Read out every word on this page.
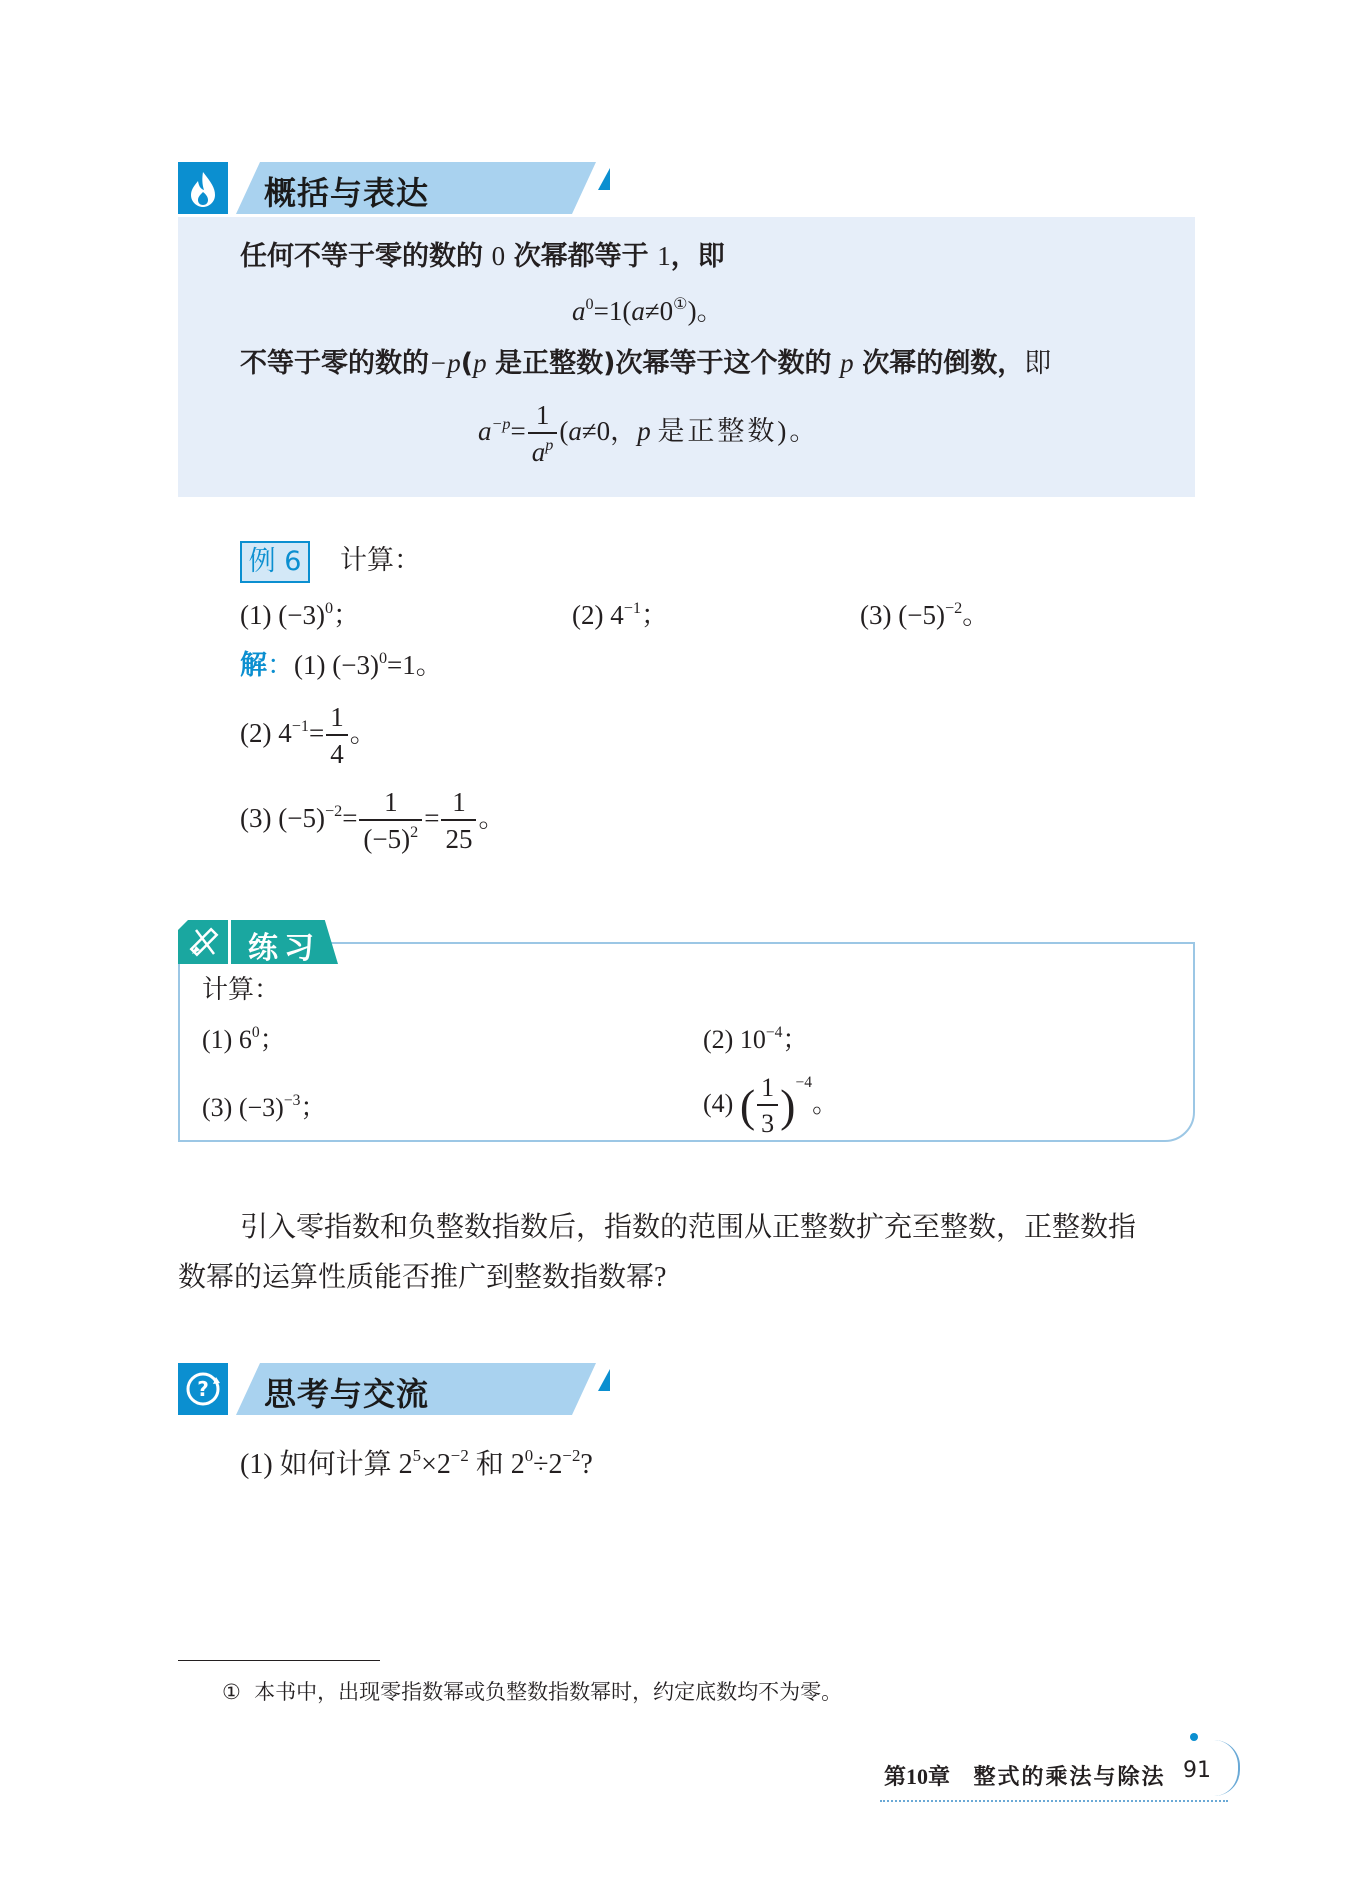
概括与表达
任何不等于零的数的 0 次幂都等于 1，即
$a^0=1(a\ne 0^①)$。
不等于零的数的−p(p 是正整数)次幂等于这个数的 p 次幂的倒数，即
$a^{-p}= \frac{1}{a^p} (a\ne 0$，p 是正整数)。
例 6	计算：
(1) $(-3)^0$；	(2) $4^{-1}$；	(3) $(-5)^{-2}$。
解：(1) $(-3)^0=1$。
(2) $4^{-1}= \frac{1}{4}$ 。
(3) $(-5)^{-2}= \frac{1}{(-5)^2} = \frac{1}{25}$ 。
练习
计算：
(1) $6^0$；	(2) $10^{-4}$；
(3) $(-3)^{-3}$；	(4) ( $\frac{1}{3} )^{-4}$。
引入零指数和负整数指数后，指数的范围从正整数扩充至整数，正整数指
数幂的运算性质能否推广到整数指数幂?
? 思考与交流
(1) 如何计算 $2^5\times 2^{-2}$ 和 $2^0\div 2^{-2}$?
① 本书中，出现零指数幂或负整数指数幂时，约定底数均不为零。
第10章 整式的乘法与除法 91
